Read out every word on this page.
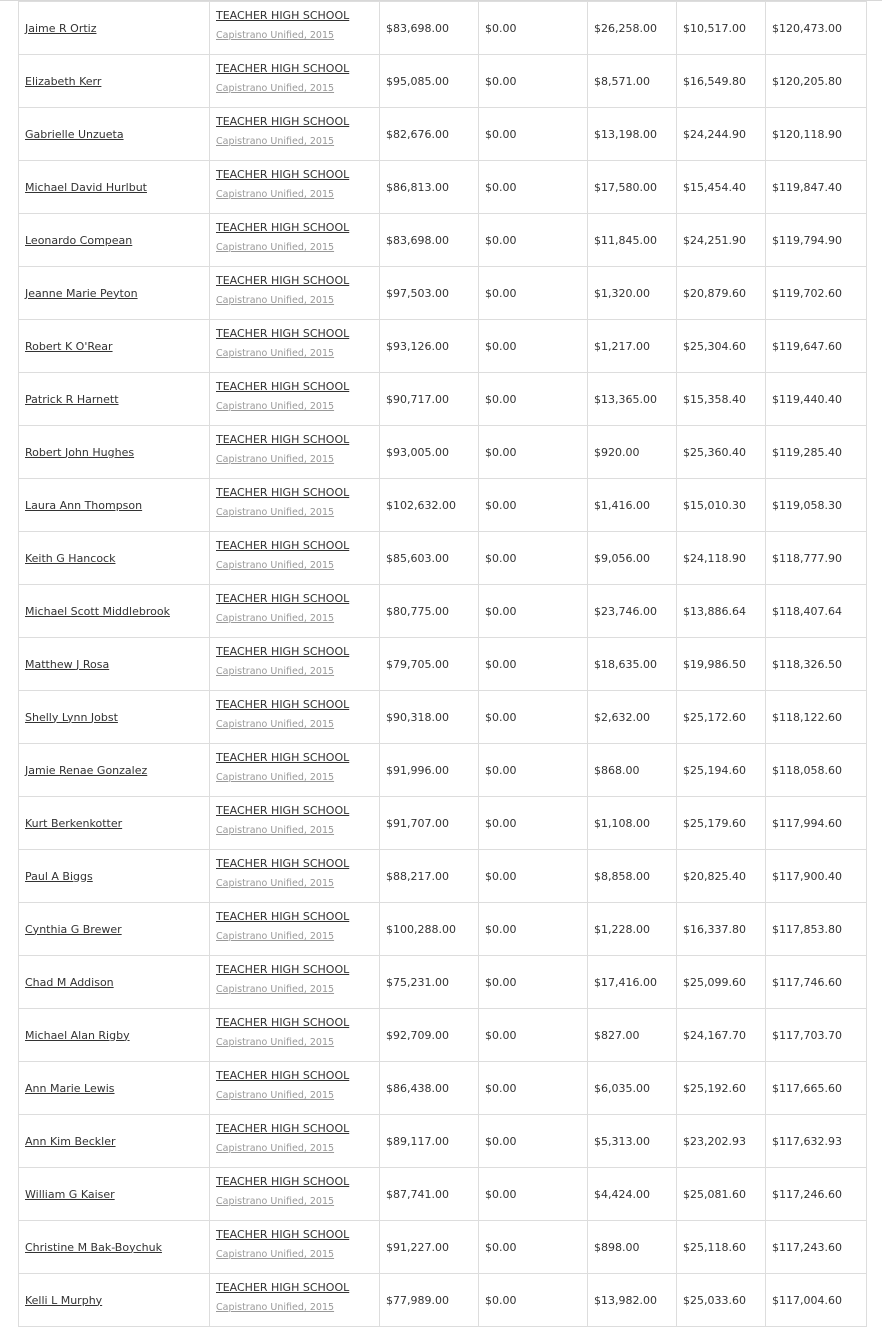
Jaime R Ortiz	TEACHER HIGH SCHOOL
Capistrano Unified, 2015	$83,698.00	$0.00	$26,258.00	$10,517.00	$120,473.00
Elizabeth Kerr	TEACHER HIGH SCHOOL
Capistrano Unified, 2015	$95,085.00	$0.00	$8,571.00	$16,549.80	$120,205.80
Gabrielle Unzueta	TEACHER HIGH SCHOOL
Capistrano Unified, 2015	$82,676.00	$0.00	$13,198.00	$24,244.90	$120,118.90
Michael David Hurlbut	TEACHER HIGH SCHOOL
Capistrano Unified, 2015	$86,813.00	$0.00	$17,580.00	$15,454.40	$119,847.40
Leonardo Compean	TEACHER HIGH SCHOOL
Capistrano Unified, 2015	$83,698.00	$0.00	$11,845.00	$24,251.90	$119,794.90
Jeanne Marie Peyton	TEACHER HIGH SCHOOL
Capistrano Unified, 2015	$97,503.00	$0.00	$1,320.00	$20,879.60	$119,702.60
Robert K O'Rear	TEACHER HIGH SCHOOL
Capistrano Unified, 2015	$93,126.00	$0.00	$1,217.00	$25,304.60	$119,647.60
Patrick R Harnett	TEACHER HIGH SCHOOL
Capistrano Unified, 2015	$90,717.00	$0.00	$13,365.00	$15,358.40	$119,440.40
Robert John Hughes	TEACHER HIGH SCHOOL
Capistrano Unified, 2015	$93,005.00	$0.00	$920.00	$25,360.40	$119,285.40
Laura Ann Thompson	TEACHER HIGH SCHOOL
Capistrano Unified, 2015	$102,632.00	$0.00	$1,416.00	$15,010.30	$119,058.30
Keith G Hancock	TEACHER HIGH SCHOOL
Capistrano Unified, 2015	$85,603.00	$0.00	$9,056.00	$24,118.90	$118,777.90
Michael Scott Middlebrook	TEACHER HIGH SCHOOL
Capistrano Unified, 2015	$80,775.00	$0.00	$23,746.00	$13,886.64	$118,407.64
Matthew J Rosa	TEACHER HIGH SCHOOL
Capistrano Unified, 2015	$79,705.00	$0.00	$18,635.00	$19,986.50	$118,326.50
Shelly Lynn Jobst	TEACHER HIGH SCHOOL
Capistrano Unified, 2015	$90,318.00	$0.00	$2,632.00	$25,172.60	$118,122.60
Jamie Renae Gonzalez	TEACHER HIGH SCHOOL
Capistrano Unified, 2015	$91,996.00	$0.00	$868.00	$25,194.60	$118,058.60
Kurt Berkenkotter	TEACHER HIGH SCHOOL
Capistrano Unified, 2015	$91,707.00	$0.00	$1,108.00	$25,179.60	$117,994.60
Paul A Biggs	TEACHER HIGH SCHOOL
Capistrano Unified, 2015	$88,217.00	$0.00	$8,858.00	$20,825.40	$117,900.40
Cynthia G Brewer	TEACHER HIGH SCHOOL
Capistrano Unified, 2015	$100,288.00	$0.00	$1,228.00	$16,337.80	$117,853.80
Chad M Addison	TEACHER HIGH SCHOOL
Capistrano Unified, 2015	$75,231.00	$0.00	$17,416.00	$25,099.60	$117,746.60
Michael Alan Rigby	TEACHER HIGH SCHOOL
Capistrano Unified, 2015	$92,709.00	$0.00	$827.00	$24,167.70	$117,703.70
Ann Marie Lewis	TEACHER HIGH SCHOOL
Capistrano Unified, 2015	$86,438.00	$0.00	$6,035.00	$25,192.60	$117,665.60
Ann Kim Beckler	TEACHER HIGH SCHOOL
Capistrano Unified, 2015	$89,117.00	$0.00	$5,313.00	$23,202.93	$117,632.93
William G Kaiser	TEACHER HIGH SCHOOL
Capistrano Unified, 2015	$87,741.00	$0.00	$4,424.00	$25,081.60	$117,246.60
Christine M Bak-Boychuk	TEACHER HIGH SCHOOL
Capistrano Unified, 2015	$91,227.00	$0.00	$898.00	$25,118.60	$117,243.60
Kelli L Murphy	TEACHER HIGH SCHOOL
Capistrano Unified, 2015	$77,989.00	$0.00	$13,982.00	$25,033.60	$117,004.60
